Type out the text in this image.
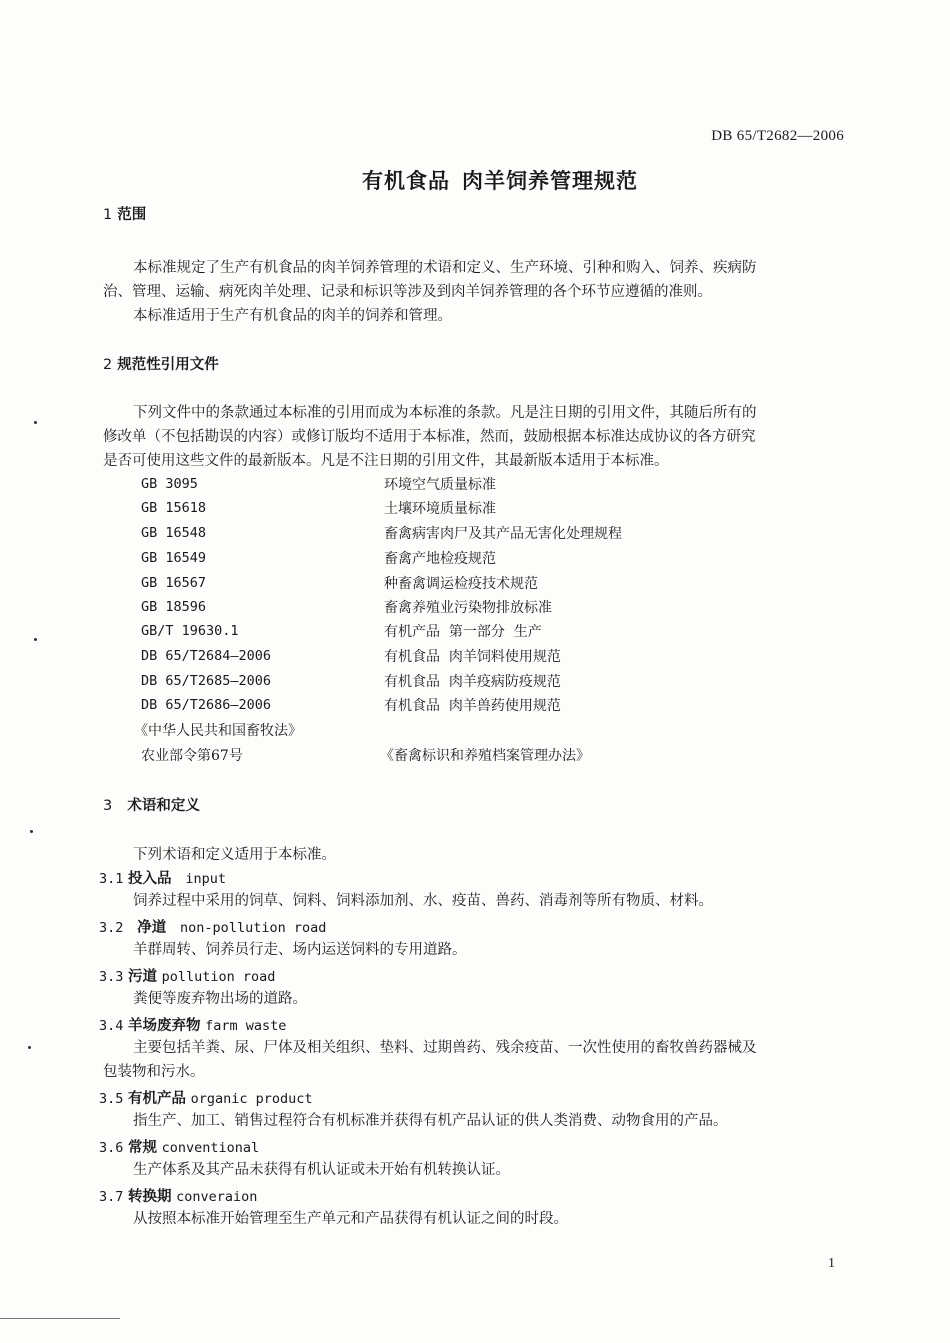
DB 65/T2682—2006
有机食品 肉羊饲养管理规范
1 范围
本标准规定了生产有机食品的肉羊饲养管理的术语和定义、生产环境、引种和购入、饲养、疾病防
治、管理、运输、病死肉羊处理、记录和标识等涉及到肉羊饲养管理的各个环节应遵循的准则。
本标准适用于生产有机食品的肉羊的饲养和管理。
2 规范性引用文件
下列文件中的条款通过本标准的引用而成为本标准的条款。凡是注日期的引用文件，其随后所有的
修改单（不包括勘误的内容）或修订版均不适用于本标准，然而，鼓励根据本标准达成协议的各方研究
是否可使用这些文件的最新版本。凡是不注日期的引用文件，其最新版本适用于本标准。
GB 3095	环境空气质量标准
GB 15618	土壤环境质量标准
GB 16548	畜禽病害肉尸及其产品无害化处理规程
GB 16549	畜禽产地检疫规范
GB 16567	种畜禽调运检疫技术规范
GB 18596	畜禽养殖业污染物排放标准
GB/T 19630.1	有机产品  第一部分  生产
DB 65/T2684—2006	有机食品  肉羊饲料使用规范
DB 65/T2685—2006	有机食品  肉羊疫病防疫规范
DB 65/T2686—2006	有机食品  肉羊兽药使用规范
《中华人民共和国畜牧法》
农业部令第67号	《畜禽标识和养殖档案管理办法》
3 术语和定义
下列术语和定义适用于本标准。
3.1 投入品 input
饲养过程中采用的饲草、饲料、饲料添加剂、水、疫苗、兽药、消毒剂等所有物质、材料。
3.2 净道 non-pollution road
羊群周转、饲养员行走、场内运送饲料的专用道路。
3.3 污道 pollution road
粪便等废弃物出场的道路。
3.4 羊场废弃物 farm waste
主要包括羊粪、尿、尸体及相关组织、垫料、过期兽药、残余疫苗、一次性使用的畜牧兽药器械及
包装物和污水。
3.5 有机产品 organic product
指生产、加工、销售过程符合有机标准并获得有机产品认证的供人类消费、动物食用的产品。
3.6 常规 conventional
生产体系及其产品未获得有机认证或未开始有机转换认证。
3.7 转换期 converaion
从按照本标准开始管理至生产单元和产品获得有机认证之间的时段。
1
